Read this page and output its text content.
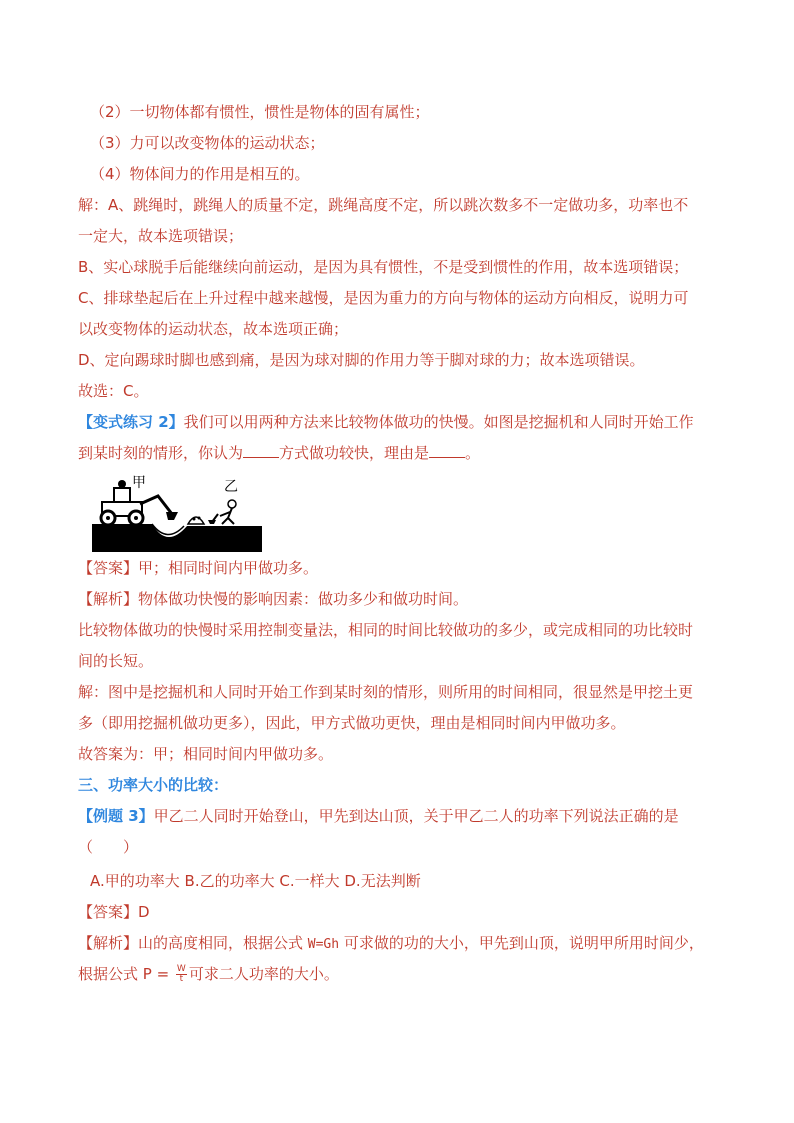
（2）一切物体都有惯性，惯性是物体的固有属性；
（3）力可以改变物体的运动状态；
（4）物体间力的作用是相互的。
解：A、跳绳时，跳绳人的质量不定，跳绳高度不定，所以跳次数多不一定做功多，功率也不
一定大，故本选项错误；
B、实心球脱手后能继续向前运动，是因为具有惯性，不是受到惯性的作用，故本选项错误；
C、排球垫起后在上升过程中越来越慢，是因为重力的方向与物体的运动方向相反，说明力可
以改变物体的运动状态，故本选项正确；
D、定向踢球时脚也感到痛，是因为球对脚的作用力等于脚对球的力；故本选项错误。
故选：C。
【变式练习 2】我们可以用两种方法来比较物体做功的快慢。如图是挖掘机和人同时开始工作
到某时刻的情形，你认为 方式做功较快，理由是 。
甲	乙
【答案】甲；相同时间内甲做功多。
【解析】物体做功快慢的影响因素：做功多少和做功时间。
比较物体做功的快慢时采用控制变量法，相同的时间比较做功的多少，或完成相同的功比较时
间的长短。
解：图中是挖掘机和人同时开始工作到某时刻的情形，则所用的时间相同，很显然是甲挖土更
多（即用挖掘机做功更多），因此，甲方式做功更快，理由是相同时间内甲做功多。
故答案为：甲；相同时间内甲做功多。
三、功率大小的比较：
【例题 3】甲乙二人同时开始登山，甲先到达山顶，关于甲乙二人的功率下列说法正确的是
（　　）
A.甲的功率大 B.乙的功率大 C.一样大 D.无法判断
【答案】D
【解析】山的高度相同，根据公式 W=Gh 可求做的功的大小，甲先到山顶，说明甲所用时间少，
根据公式 $P = \frac{W}{t}$ 可求二人功率的大小。
